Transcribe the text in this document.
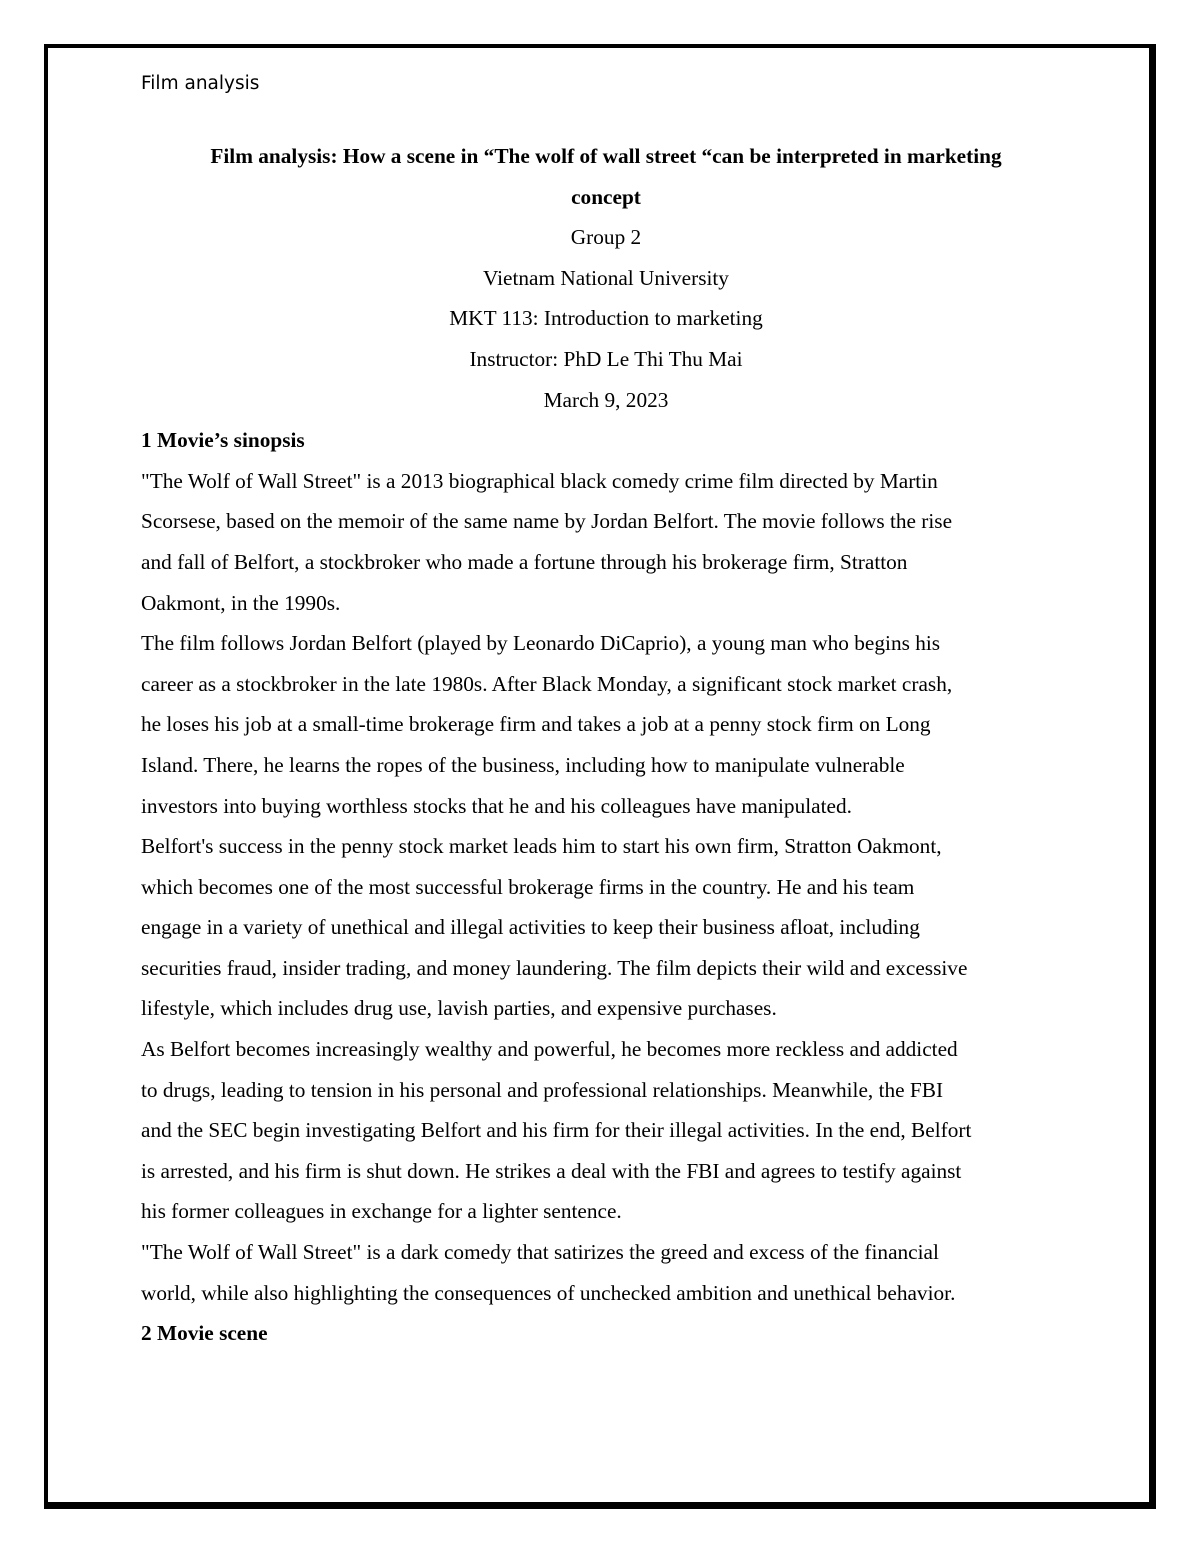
Film analysis

Film analysis: How a scene in “The wolf of wall street “can be interpreted in marketing
concept

Group 2

Vietnam National University

MKT 113: Introduction to marketing

Instructor: PhD Le Thi Thu Mai

March 9, 2023

1 Movie’s sinopsis

"The Wolf of Wall Street" is a 2013 biographical black comedy crime film directed by Martin
Scorsese, based on the memoir of the same name by Jordan Belfort. The movie follows the rise
and fall of Belfort, a stockbroker who made a fortune through his brokerage firm, Stratton
Oakmont, in the 1990s.

The film follows Jordan Belfort (played by Leonardo DiCaprio), a young man who begins his
career as a stockbroker in the late 1980s. After Black Monday, a significant stock market crash,
he loses his job at a small-time brokerage firm and takes a job at a penny stock firm on Long
Island. There, he learns the ropes of the business, including how to manipulate vulnerable
investors into buying worthless stocks that he and his colleagues have manipulated.

Belfort's success in the penny stock market leads him to start his own firm, Stratton Oakmont,
which becomes one of the most successful brokerage firms in the country. He and his team
engage in a variety of unethical and illegal activities to keep their business afloat, including
securities fraud, insider trading, and money laundering. The film depicts their wild and excessive
lifestyle, which includes drug use, lavish parties, and expensive purchases.

As Belfort becomes increasingly wealthy and powerful, he becomes more reckless and addicted
to drugs, leading to tension in his personal and professional relationships. Meanwhile, the FBI
and the SEC begin investigating Belfort and his firm for their illegal activities. In the end, Belfort
is arrested, and his firm is shut down. He strikes a deal with the FBI and agrees to testify against
his former colleagues in exchange for a lighter sentence.

"The Wolf of Wall Street" is a dark comedy that satirizes the greed and excess of the financial
world, while also highlighting the consequences of unchecked ambition and unethical behavior.

2 Movie scene
